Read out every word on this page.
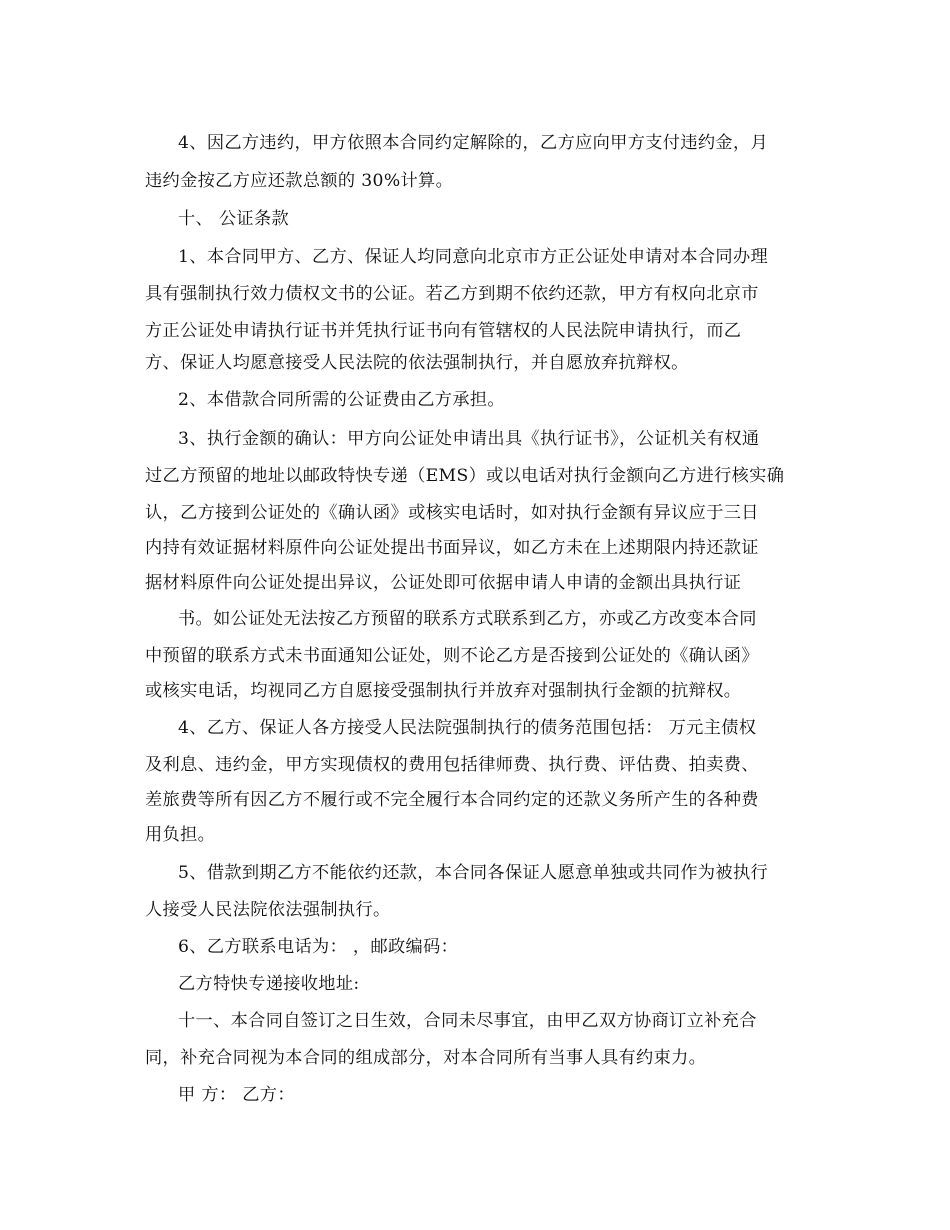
4、因乙方违约，甲方依照本合同约定解除的，乙方应向甲方支付违约金，月
违约金按乙方应还款总额的 30%计算。
十、 公证条款
1、本合同甲方、乙方、保证人均同意向北京市方正公证处申请对本合同办理
具有强制执行效力债权文书的公证。若乙方到期不依约还款，甲方有权向北京市
方正公证处申请执行证书并凭执行证书向有管辖权的人民法院申请执行，而乙
方、保证人均愿意接受人民法院的依法强制执行，并自愿放弃抗辩权。
2、本借款合同所需的公证费由乙方承担。
3、执行金额的确认：甲方向公证处申请出具《执行证书》，公证机关有权通
过乙方预留的地址以邮政特快专递（EMS）或以电话对执行金额向乙方进行核实确
认，乙方接到公证处的《确认函》或核实电话时，如对执行金额有异议应于三日
内持有效证据材料原件向公证处提出书面异议，如乙方未在上述期限内持还款证
据材料原件向公证处提出异议，公证处即可依据申请人申请的金额出具执行证
书。如公证处无法按乙方预留的联系方式联系到乙方，亦或乙方改变本合同
中预留的联系方式未书面通知公证处，则不论乙方是否接到公证处的《确认函》
或核实电话，均视同乙方自愿接受强制执行并放弃对强制执行金额的抗辩权。
4、乙方、保证人各方接受人民法院强制执行的债务范围包括： 万元主债权
及利息、违约金，甲方实现债权的费用包括律师费、执行费、评估费、拍卖费、
差旅费等所有因乙方不履行或不完全履行本合同约定的还款义务所产生的各种费
用负担。
5、借款到期乙方不能依约还款，本合同各保证人愿意单独或共同作为被执行
人接受人民法院依法强制执行。
6、乙方联系电话为： ，邮政编码：
乙方特快专递接收地址:
十一、本合同自签订之日生效，合同未尽事宜，由甲乙双方协商订立补充合
同，补充合同视为本合同的组成部分，对本合同所有当事人具有约束力。
甲 方： 乙方：
